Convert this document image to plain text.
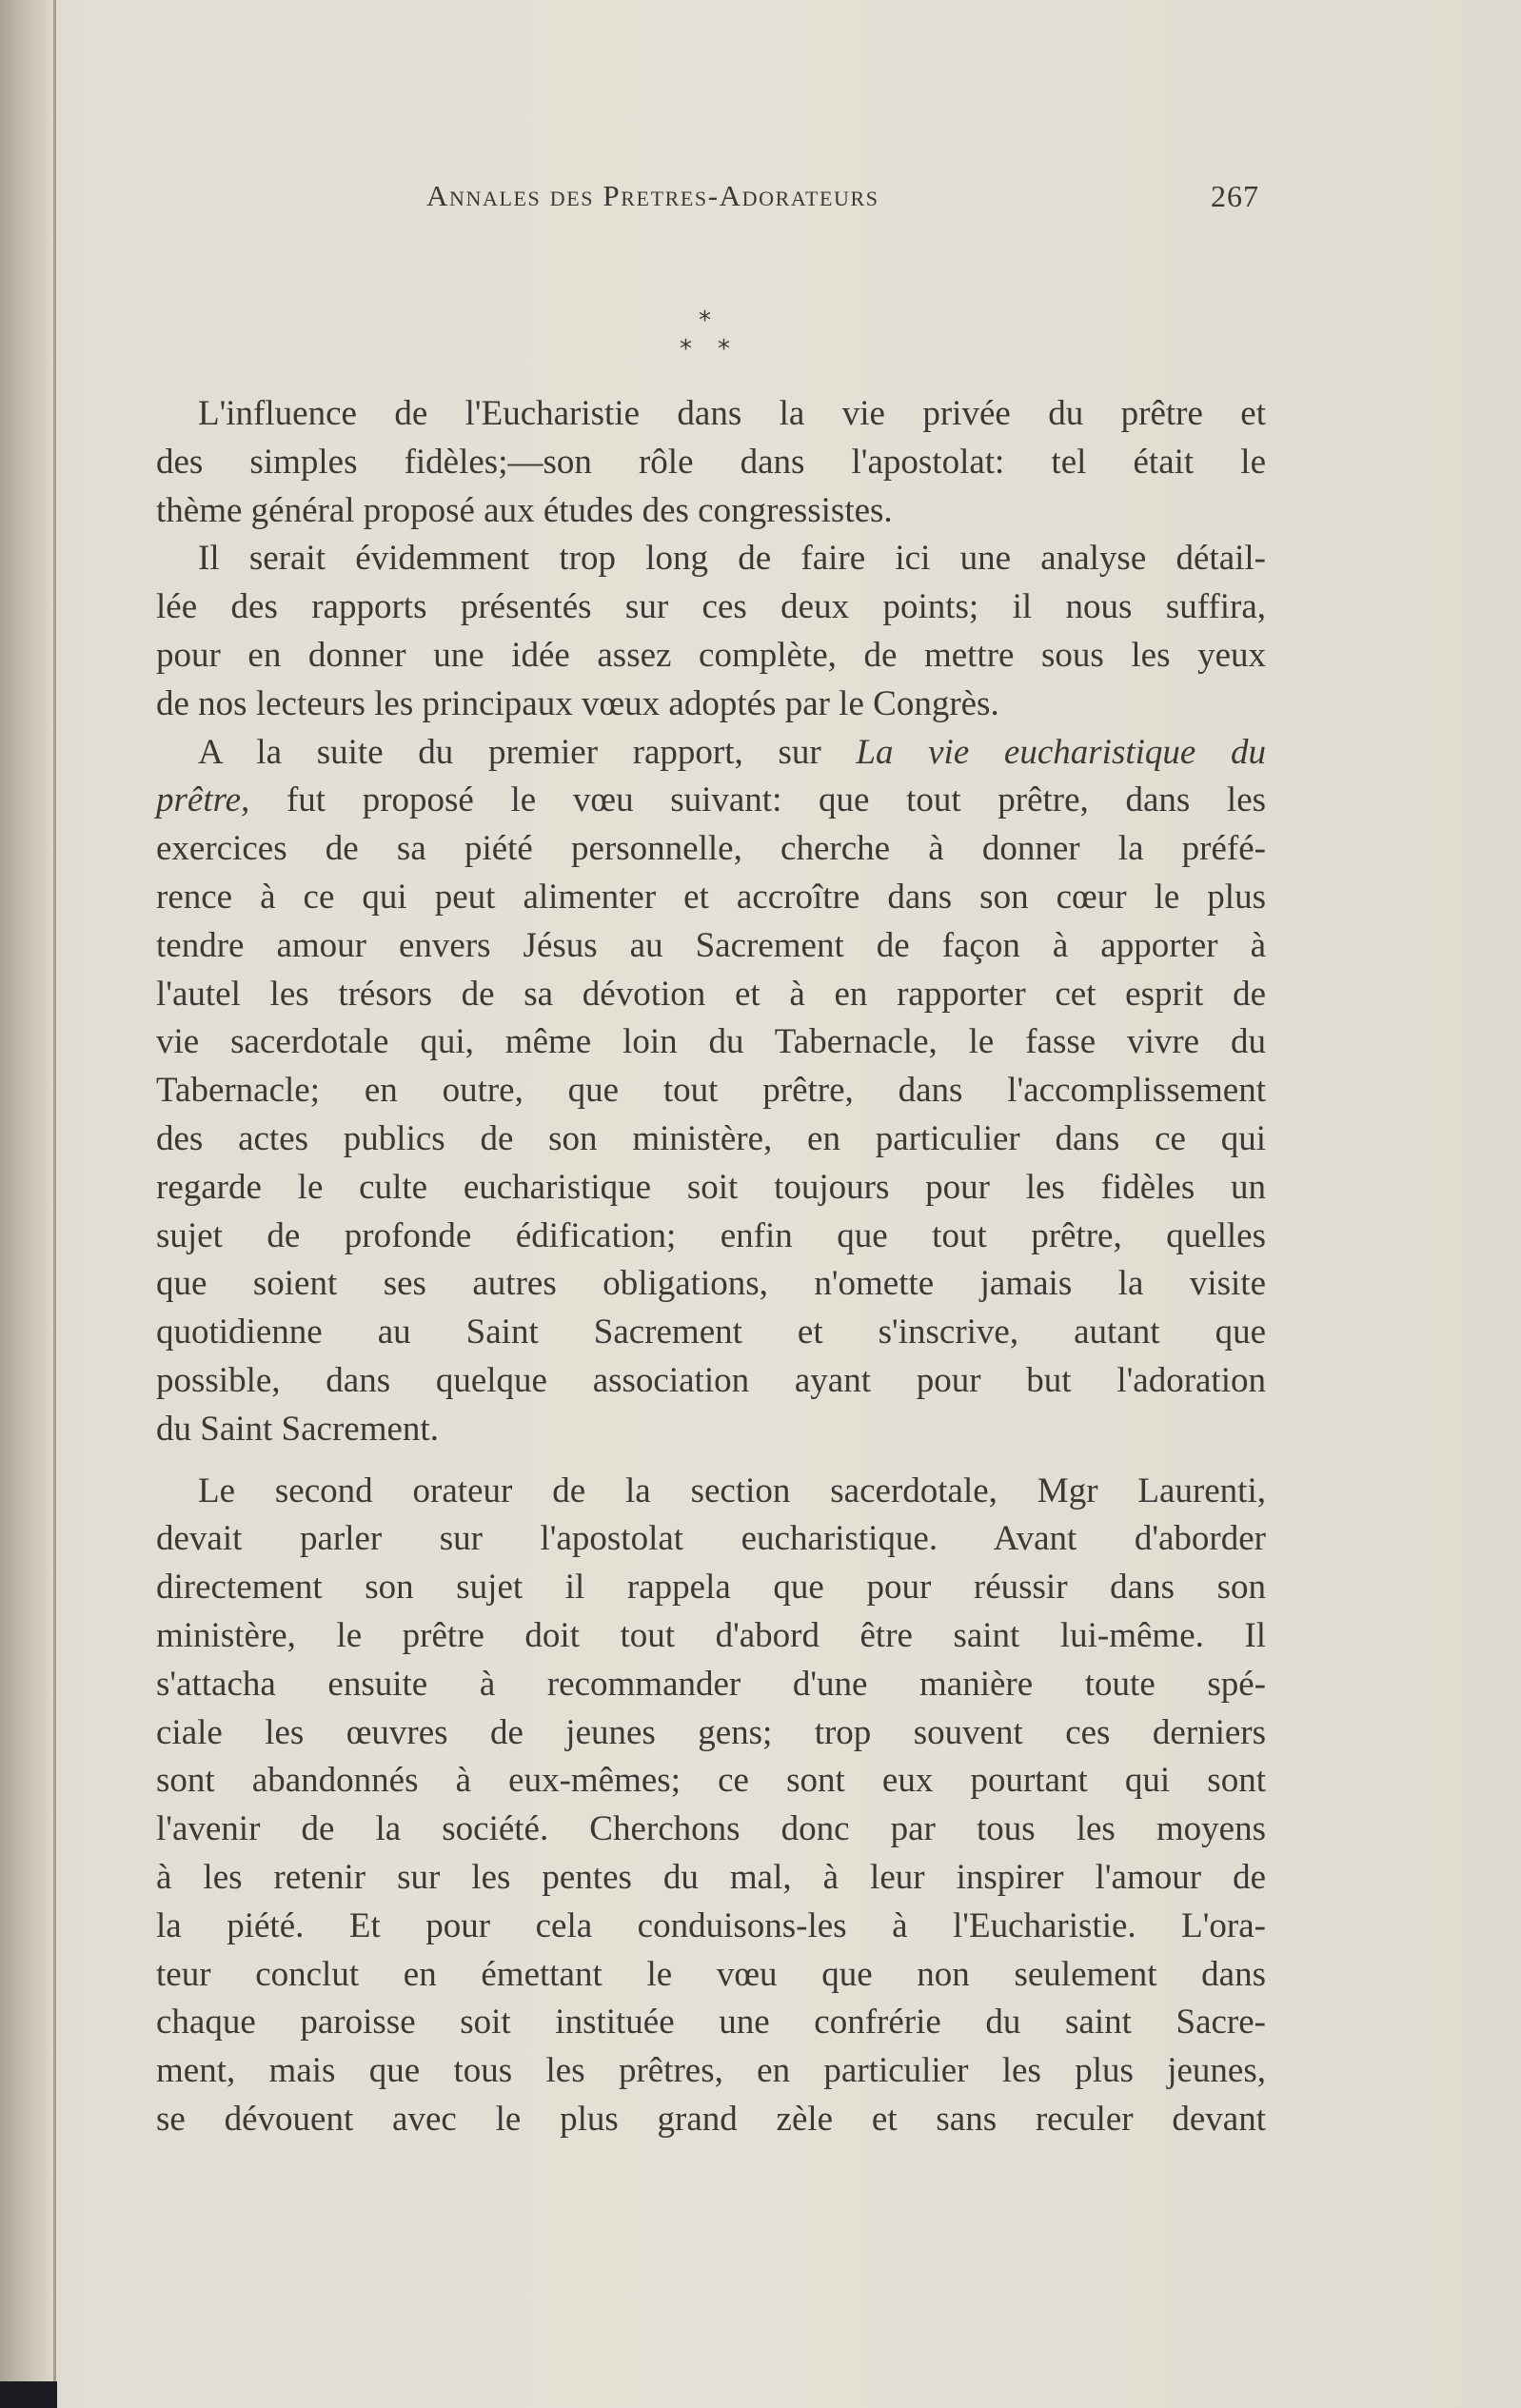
Annales des Pretres-Adorateurs	267
*
* *
L'influence de l'Eucharistie dans la vie privée du prêtre et
des simples fidèles;—son rôle dans l'apostolat: tel était le
thème général proposé aux études des congressistes.
Il serait évidemment trop long de faire ici une analyse détail-
lée des rapports présentés sur ces deux points; il nous suffira,
pour en donner une idée assez complète, de mettre sous les yeux
de nos lecteurs les principaux vœux adoptés par le Congrès.
A la suite du premier rapport, sur La vie eucharistique du
prêtre, fut proposé le vœu suivant: que tout prêtre, dans les
exercices de sa piété personnelle, cherche à donner la préfé-
rence à ce qui peut alimenter et accroître dans son cœur le plus
tendre amour envers Jésus au Sacrement de façon à apporter à
l'autel les trésors de sa dévotion et à en rapporter cet esprit de
vie sacerdotale qui, même loin du Tabernacle, le fasse vivre du
Tabernacle; en outre, que tout prêtre, dans l'accomplissement
des actes publics de son ministère, en particulier dans ce qui
regarde le culte eucharistique soit toujours pour les fidèles un
sujet de profonde édification; enfin que tout prêtre, quelles
que soient ses autres obligations, n'omette jamais la visite
quotidienne au Saint Sacrement et s'inscrive, autant que
possible, dans quelque association ayant pour but l'adoration
du Saint Sacrement.
Le second orateur de la section sacerdotale, Mgr Laurenti,
devait parler sur l'apostolat eucharistique. Avant d'aborder
directement son sujet il rappela que pour réussir dans son
ministère, le prêtre doit tout d'abord être saint lui-même. Il
s'attacha ensuite à recommander d'une manière toute spé-
ciale les œuvres de jeunes gens; trop souvent ces derniers
sont abandonnés à eux-mêmes; ce sont eux pourtant qui sont
l'avenir de la société. Cherchons donc par tous les moyens
à les retenir sur les pentes du mal, à leur inspirer l'amour de
la piété. Et pour cela conduisons-les à l'Eucharistie. L'ora-
teur conclut en émettant le vœu que non seulement dans
chaque paroisse soit instituée une confrérie du saint Sacre-
ment, mais que tous les prêtres, en particulier les plus jeunes,
se dévouent avec le plus grand zèle et sans reculer devant
